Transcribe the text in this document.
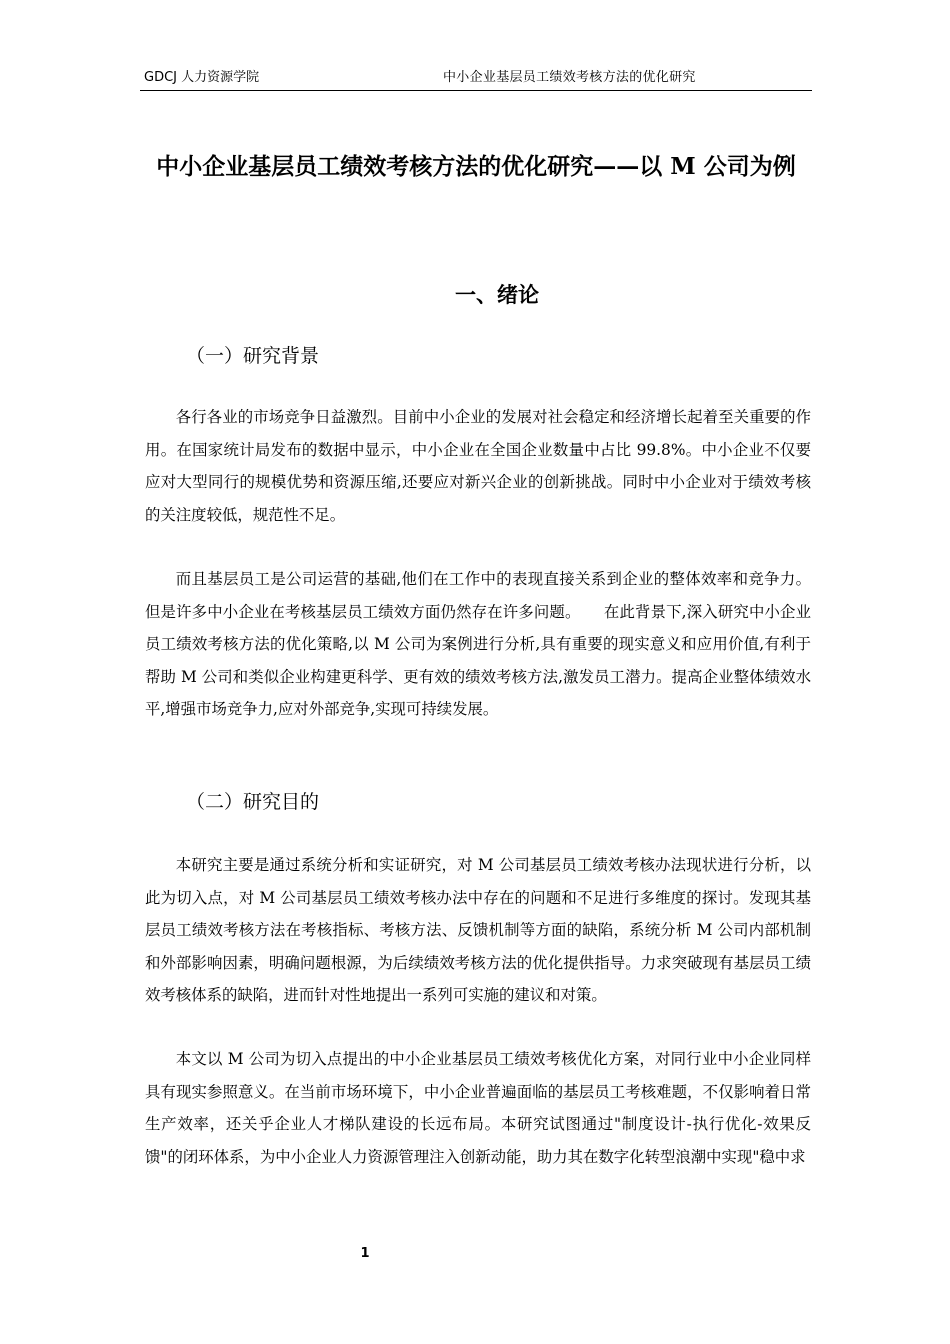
GDCJ 人力资源学院	中小企业基层员工绩效考核方法的优化研究
中小企业基层员工绩效考核方法的优化研究——以 M 公司为例
一、绪论
（一）研究背景

各行各业的市场竞争日益激烈。目前中小企业的发展对社会稳定和经济增长起着至关重要的作用。在国家统计局发布的数据中显示，中小企业在全国企业数量中占比 99.8%。中小企业不仅要应对大型同行的规模优势和资源压缩,还要应对新兴企业的创新挑战。同时中小企业对于绩效考核的关注度较低，规范性不足。

而且基层员工是公司运营的基础,他们在工作中的表现直接关系到企业的整体效率和竞争力。但是许多中小企业在考核基层员工绩效方面仍然存在许多问题。　　在此背景下,深入研究中小企业员工绩效考核方法的优化策略,以 M 公司为案例进行分析,具有重要的现实意义和应用价值,有利于帮助 M 公司和类似企业构建更科学、更有效的绩效考核方法,激发员工潜力。提高企业整体绩效水平,增强市场竞争力,应对外部竞争,实现可持续发展。

（二）研究目的

本研究主要是通过系统分析和实证研究，对 M 公司基层员工绩效考核办法现状进行分析，以此为切入点，对 M 公司基层员工绩效考核办法中存在的问题和不足进行多维度的探讨。发现其基层员工绩效考核方法在考核指标、考核方法、反馈机制等方面的缺陷，系统分析 M 公司内部机制和外部影响因素，明确问题根源，为后续绩效考核方法的优化提供指导。力求突破现有基层员工绩效考核体系的缺陷，进而针对性地提出一系列可实施的建议和对策。

本文以 M 公司为切入点提出的中小企业基层员工绩效考核优化方案，对同行业中小企业同样具有现实参照意义。在当前市场环境下，中小企业普遍面临的基层员工考核难题，不仅影响着日常生产效率，还关乎企业人才梯队建设的长远布局。本研究试图通过"制度设计-执行优化-效果反馈"的闭环体系，为中小企业人力资源管理注入创新动能，助力其在数字化转型浪潮中实现"稳中求

1
